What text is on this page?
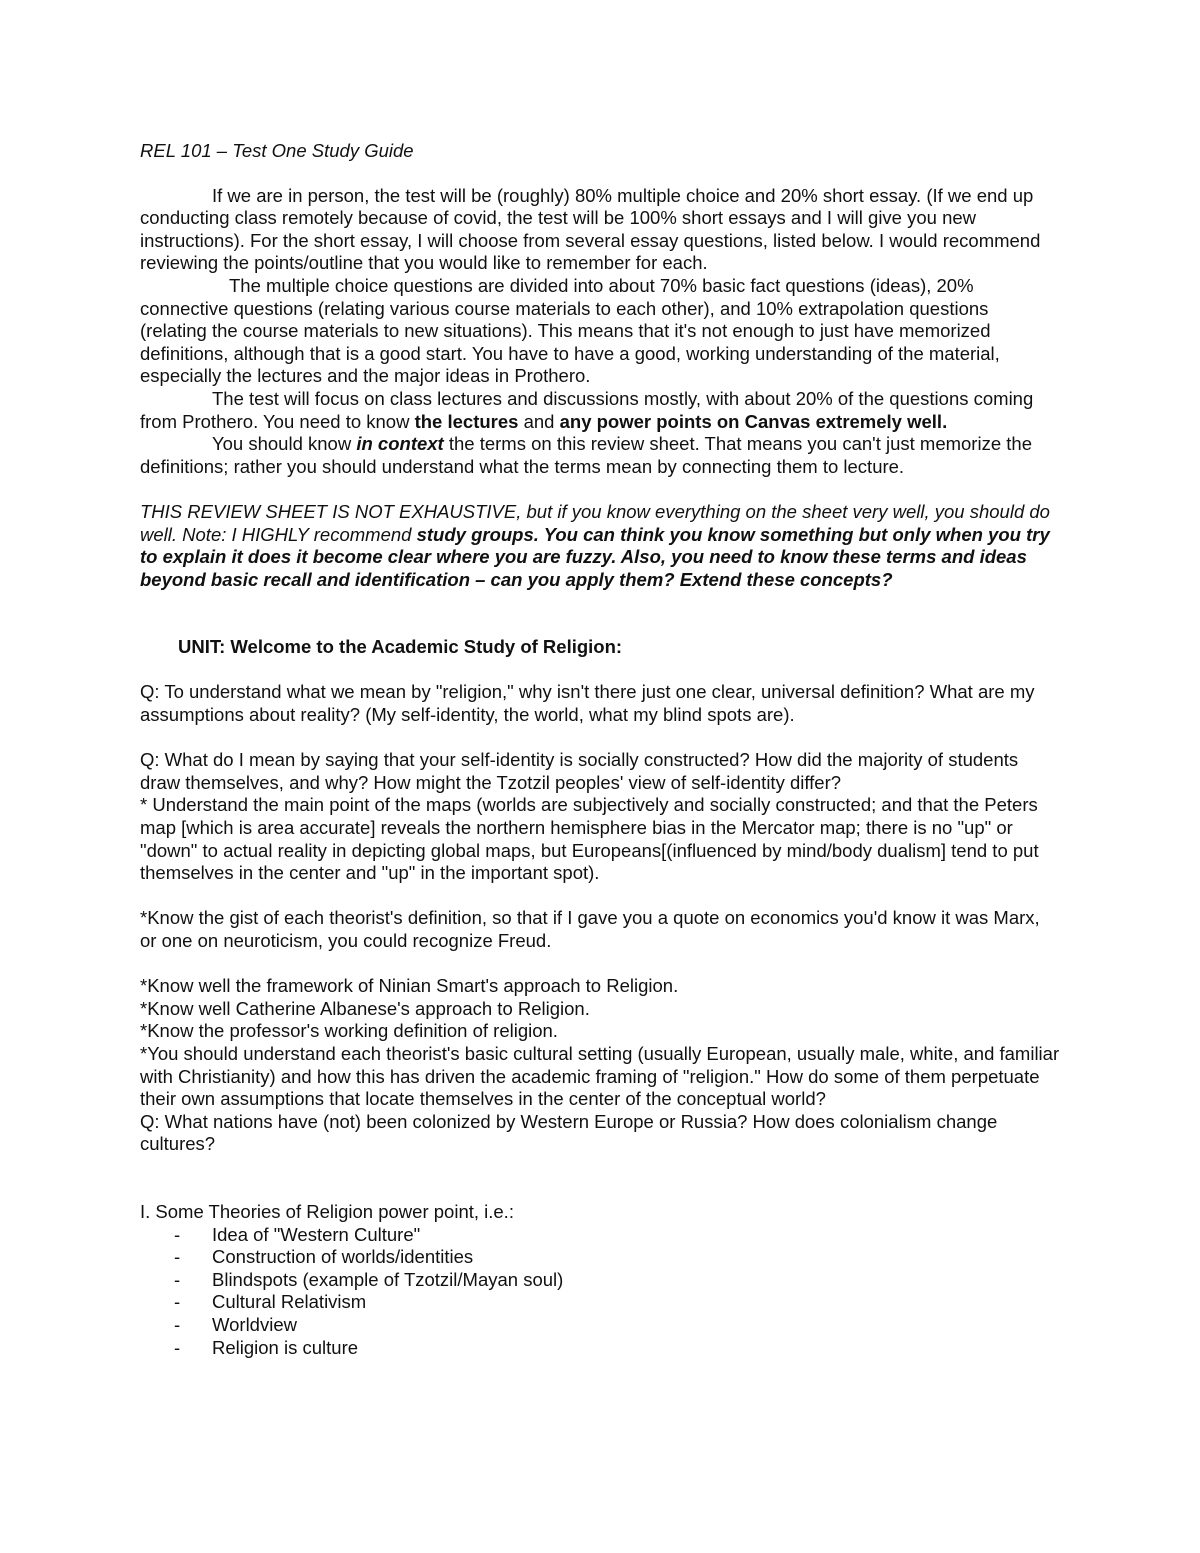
REL 101 – Test One Study Guide

If we are in person, the test will be (roughly) 80% multiple choice and 20% short essay. (If we end up conducting class remotely because of covid, the test will be 100% short essays and I will give you new instructions). For the short essay, I will choose from several essay questions, listed below. I would recommend reviewing the points/outline that you would like to remember for each.

The multiple choice questions are divided into about 70% basic fact questions (ideas), 20% connective questions (relating various course materials to each other), and 10% extrapolation questions (relating the course materials to new situations). This means that it's not enough to just have memorized definitions, although that is a good start. You have to have a good, working understanding of the material, especially the lectures and the major ideas in Prothero.

The test will focus on class lectures and discussions mostly, with about 20% of the questions coming from Prothero. You need to know the lectures and any power points on Canvas extremely well.

You should know in context the terms on this review sheet. That means you can't just memorize the definitions; rather you should understand what the terms mean by connecting them to lecture.

THIS REVIEW SHEET IS NOT EXHAUSTIVE, but if you know everything on the sheet very well, you should do well. Note: I HIGHLY recommend study groups. You can think you know something but only when you try to explain it does it become clear where you are fuzzy. Also, you need to know these terms and ideas beyond basic recall and identification – can you apply them? Extend these concepts?

UNIT: Welcome to the Academic Study of Religion:

Q: To understand what we mean by "religion," why isn't there just one clear, universal definition? What are my assumptions about reality? (My self-identity, the world, what my blind spots are).

Q: What do I mean by saying that your self-identity is socially constructed? How did the majority of students draw themselves, and why? How might the Tzotzil peoples' view of self-identity differ?

* Understand the main point of the maps (worlds are subjectively and socially constructed; and that the Peters map [which is area accurate] reveals the northern hemisphere bias in the Mercator map; there is no "up" or "down" to actual reality in depicting global maps, but Europeans[(influenced by mind/body dualism] tend to put themselves in the center and "up" in the important spot).

*Know the gist of each theorist's definition, so that if I gave you a quote on economics you'd know it was Marx, or one on neuroticism, you could recognize Freud.

*Know well the framework of Ninian Smart's approach to Religion.

*Know well Catherine Albanese's approach to Religion.

*Know the professor's working definition of religion.

*You should understand each theorist's basic cultural setting (usually European, usually male, white, and familiar with Christianity) and how this has driven the academic framing of "religion." How do some of them perpetuate their own assumptions that locate themselves in the center of the conceptual world?

Q: What nations have (not) been colonized by Western Europe or Russia? How does colonialism change cultures?

I. Some Theories of Religion power point, i.e.:

- Idea of "Western Culture"
- Construction of worlds/identities
- Blindspots (example of Tzotzil/Mayan soul)
- Cultural Relativism
- Worldview
- Religion is culture
